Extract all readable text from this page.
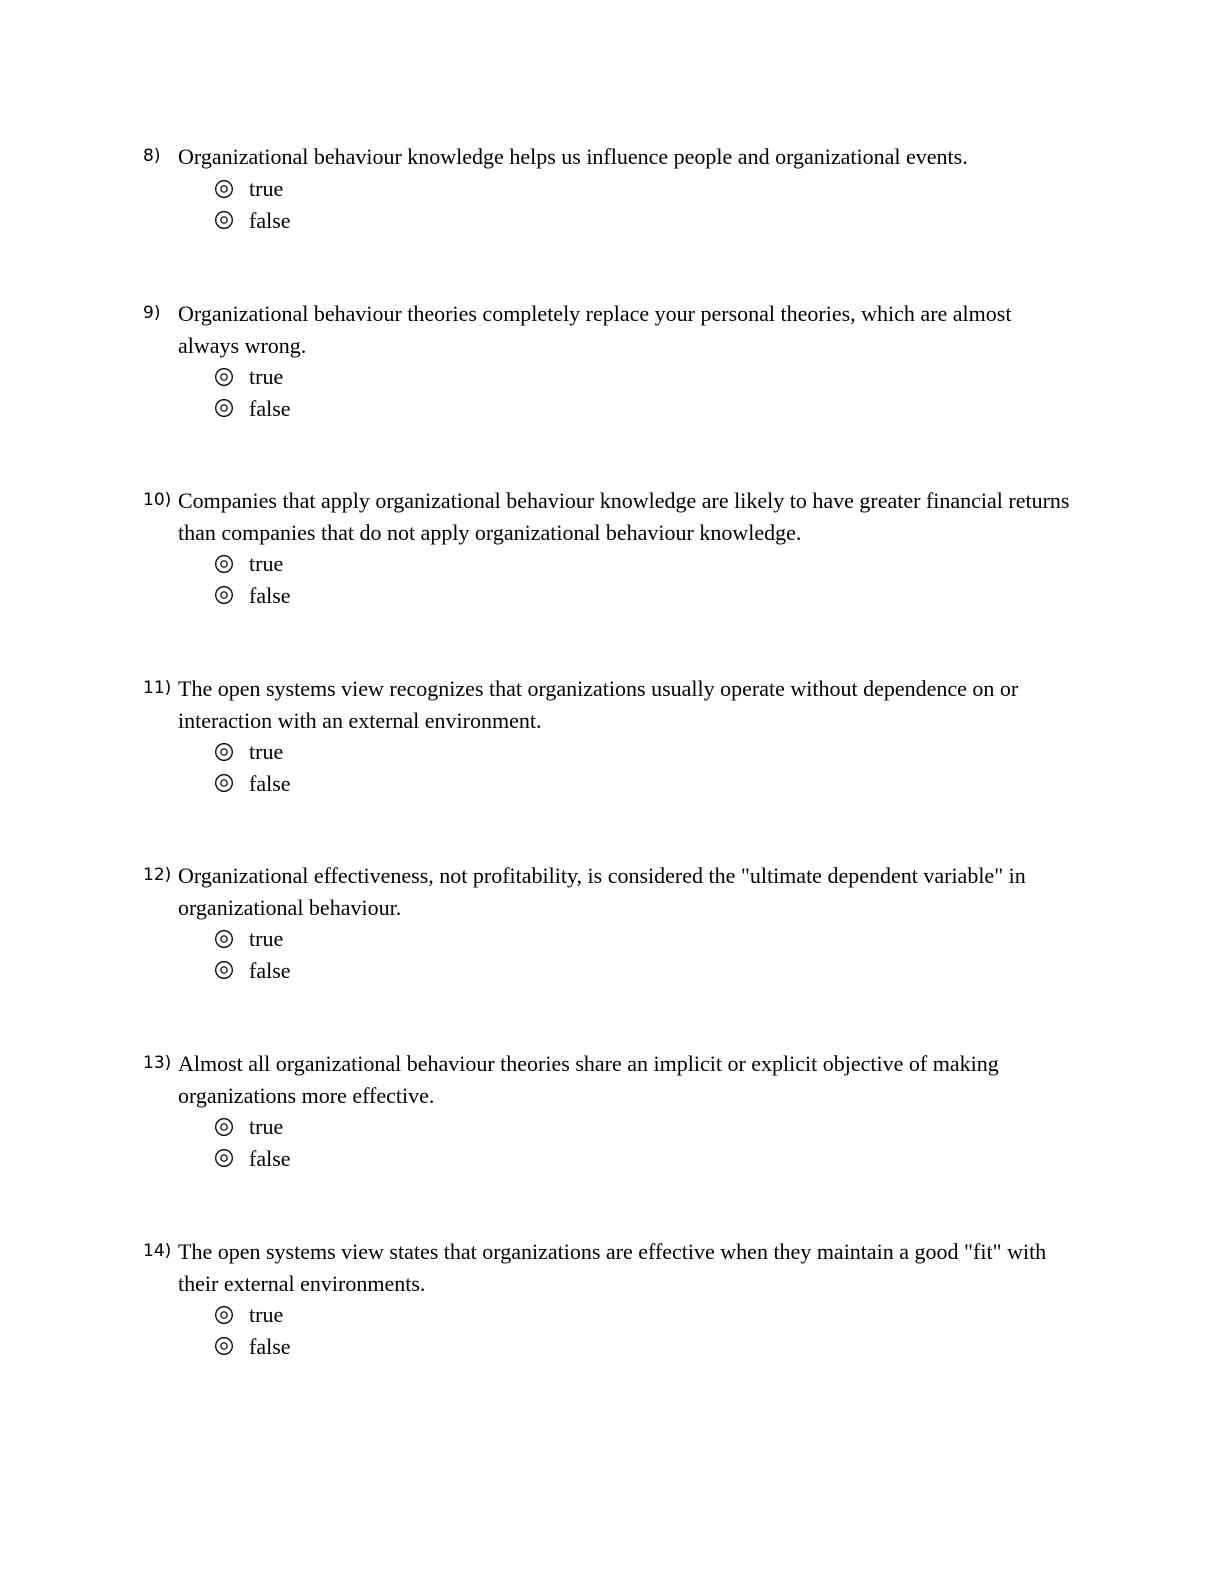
8) Organizational behaviour knowledge helps us influence people and organizational events.
true
false
9) Organizational behaviour theories completely replace your personal theories, which are almost always wrong.
true
false
10) Companies that apply organizational behaviour knowledge are likely to have greater financial returns than companies that do not apply organizational behaviour knowledge.
true
false
11) The open systems view recognizes that organizations usually operate without dependence on or interaction with an external environment.
true
false
12) Organizational effectiveness, not profitability, is considered the "ultimate dependent variable" in organizational behaviour.
true
false
13) Almost all organizational behaviour theories share an implicit or explicit objective of making organizations more effective.
true
false
14) The open systems view states that organizations are effective when they maintain a good "fit" with their external environments.
true
false
